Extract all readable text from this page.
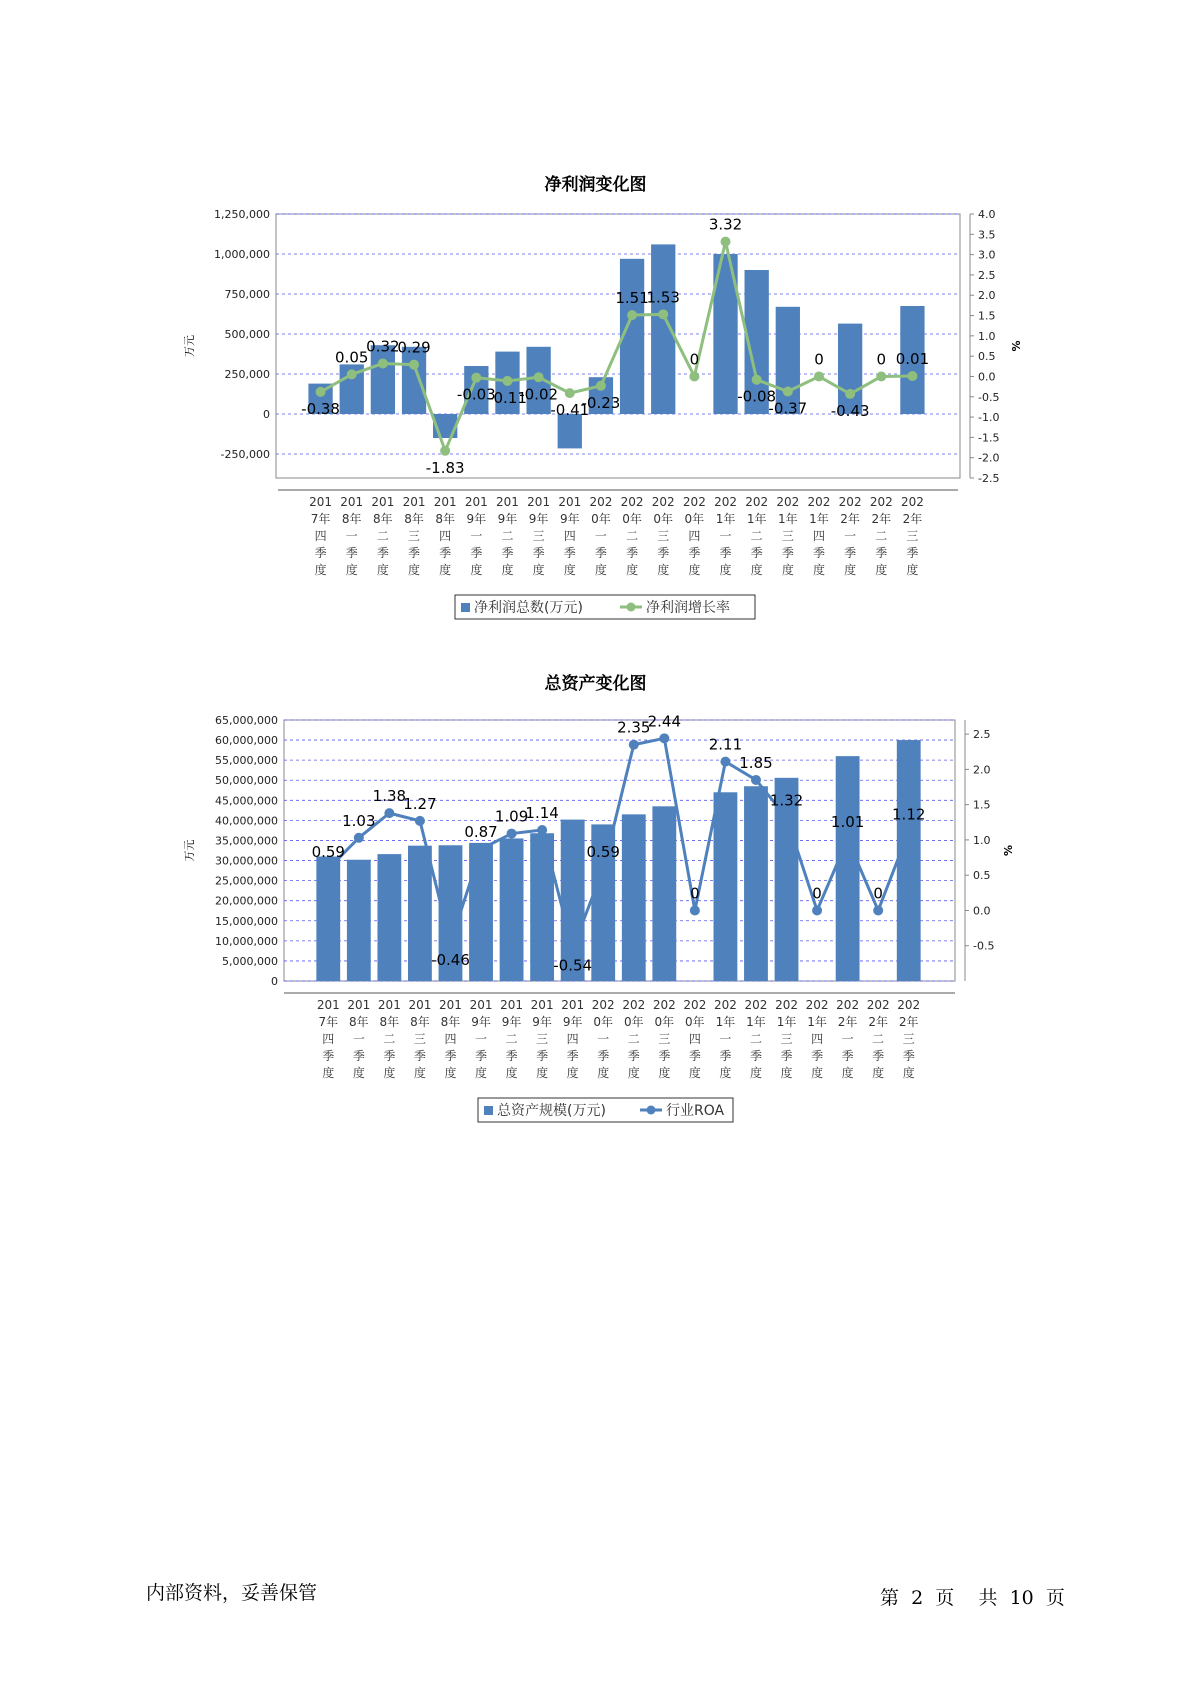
净利润变化图
1,250,000
1,000,000
750,000
500,000
250,000
0
-250,000
4.0
3.5
3.0
2.5
2.0
1.5
1.0
0.5
0.0
-0.5
-1.0
-1.5
-2.0
-2.5
万元	%
201 7年四季度
201 8年一季度
201 8年二季度
201 8年三季度
201 8年四季度
201 9年一季度
201 9年二季度
201 9年三季度
201 9年四季度
202 0年一季度
202 0年二季度
202 0年三季度
202 0年四季度
202 1年一季度
202 1年二季度
202 1年三季度
202 1年四季度
202 2年一季度
202 2年二季度
202 2年三季度
-0.38
0.05
0.32
0.29
-1.83
-0.03
-0.11
-0.02
-0.41
-0.23
1.51
1.53
0
3.32
-0.08
-0.37
0
-0.43
0 0.01
净利润总数(万元)	净利润增长率
总资产变化图
65,000,000
60,000,000
55,000,000
50,000,000
45,000,000
40,000,000
35,000,000
30,000,000
25,000,000
20,000,000
15,000,000
10,000,000
5,000,000
0
2.5
2.0
1.5
1.0
0.5
0.0
-0.5
万元	%
201 7年四季度
201 8年一季度
201 8年二季度
201 8年三季度
201 8年四季度
201 9年一季度
201 9年二季度
201 9年三季度
201 9年四季度
202 0年一季度
202 0年二季度
202 0年三季度
202 0年四季度
202 1年一季度
202 1年二季度
202 1年三季度
202 1年四季度
202 2年一季度
202 2年二季度
202 2年三季度
0.59
1.03
1.38
1.27
-0.46
0.87
1.09
1.14
-0.54
0.59
2.35
2.44
0
2.11
1.85
1.32
0
1.01
0
1.12
总资产规模(万元)	行业ROA
内部资料，妥善保管	第 2 页 共 10 页
